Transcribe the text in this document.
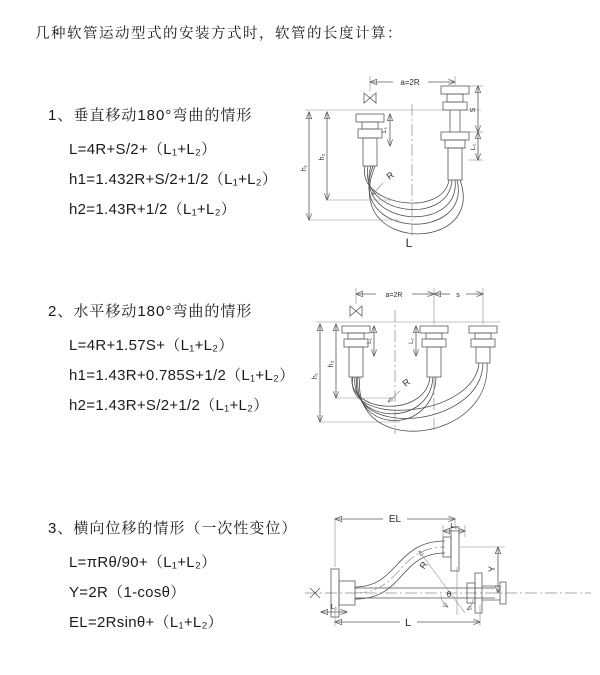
几种软管运动型式的安装方式时，软管的长度计算：
1、垂直移动180°弯曲的情形
L=4R+S/2+（L₁+L₂）
h1=1.432R+S/2+1/2（L₁+L₂）
h2=1.43R+1/2（L₁+L₂）
2、水平移动180°弯曲的情形
L=4R+1.57S+（L₁+L₂）
h1=1.43R+0.785S+1/2（L₁+L₂）
h2=1.43R+S/2+1/2（L₁+L₂）
3、横向位移的情形（一次性变位）
L=πRθ/90+（L₁+L₂）
Y=2R（1-cosθ）
EL=2Rsinθ+（L₁+L₂）
a=2R
L₁
S
L₂
R
L
h₁
h₂
a=2R	s
L₁	L₂
h₁
h₂
R
EL
L₂
Y
R
θ
L₁
L
